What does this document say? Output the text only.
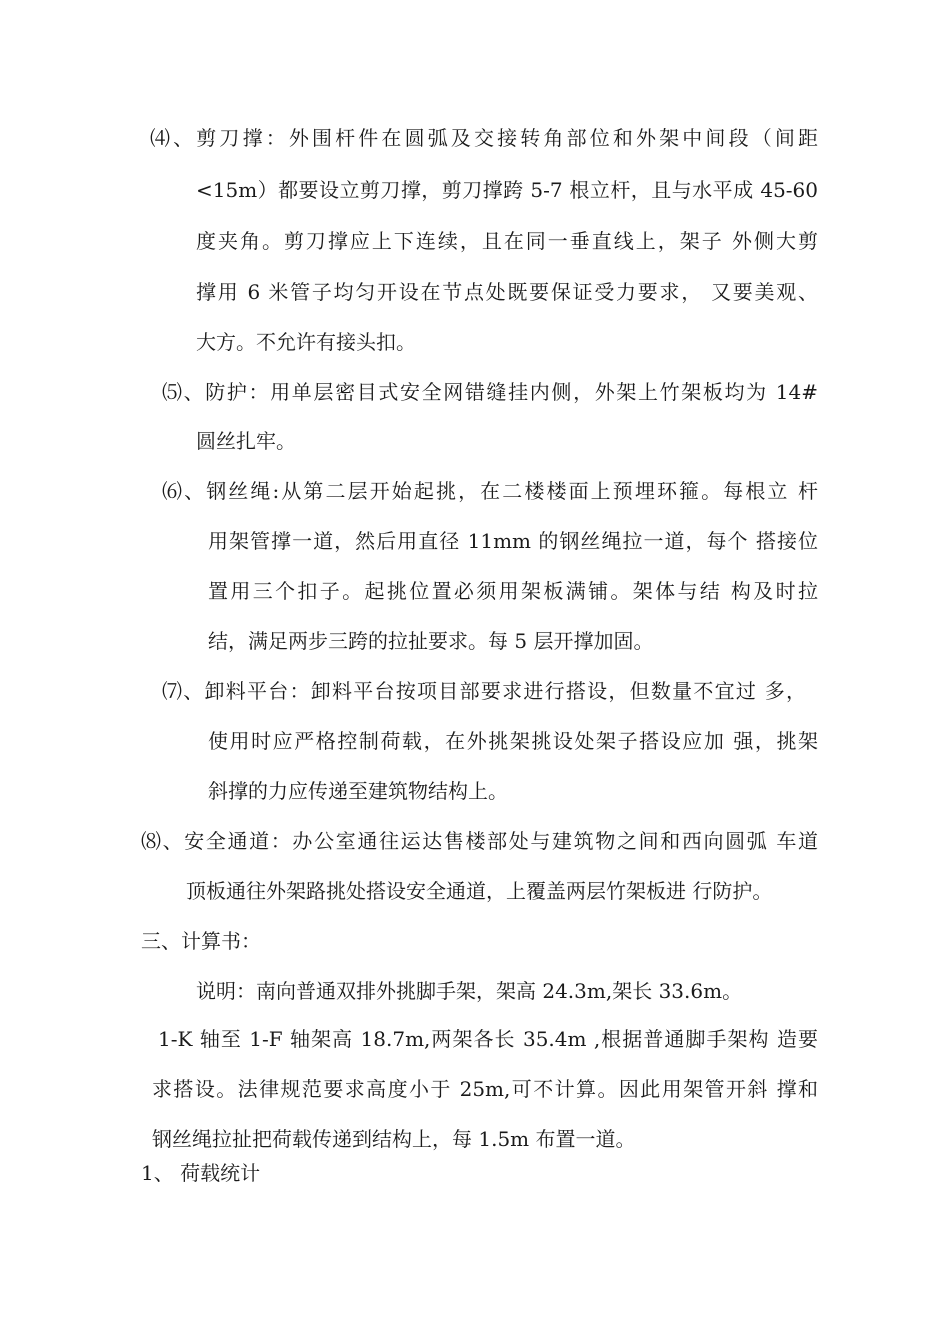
⑷、剪刀撑：外围杆件在圆弧及交接转角部位和外架中间段（间距
<15m）都要设立剪刀撑，剪刀撑跨 5-7 根立杆，且与水平成 45-60
度夹角。剪刀撑应上下连续，且在同一垂直线上，架子 外侧大剪
撑用 6 米管子均匀开设在节点处既要保证受力要求， 又要美观、
大方。不允许有接头扣。
⑸、防护：用单层密目式安全网错缝挂内侧，外架上竹架板均为 14#
圆丝扎牢。
⑹、钢丝绳:从第二层开始起挑，在二楼楼面上预埋环箍。每根立 杆
用架管撑一道，然后用直径 11mm 的钢丝绳拉一道，每个 搭接位
置用三个扣子。起挑位置必须用架板满铺。架体与结 构及时拉
结，满足两步三跨的拉扯要求。每 5 层开撑加固。
⑺、卸料平台：卸料平台按项目部要求进行搭设，但数量不宜过 多，
使用时应严格控制荷载，在外挑架挑设处架子搭设应加 强，挑架
斜撑的力应传递至建筑物结构上。
⑻、安全通道：办公室通往运达售楼部处与建筑物之间和西向圆弧 车道
顶板通往外架路挑处搭设安全通道，上覆盖两层竹架板进 行防护。
三、计算书：
说明：南向普通双排外挑脚手架，架高 24.3m,架长 33.6m。
1-K 轴至 1-F 轴架高 18.7m,两架各长 35.4m ,根据普通脚手架构 造要
求搭设。法律规范要求高度小于 25m,可不计算。因此用架管开斜 撑和
钢丝绳拉扯把荷载传递到结构上，每 1.5m 布置一道。
1、 荷载统计
